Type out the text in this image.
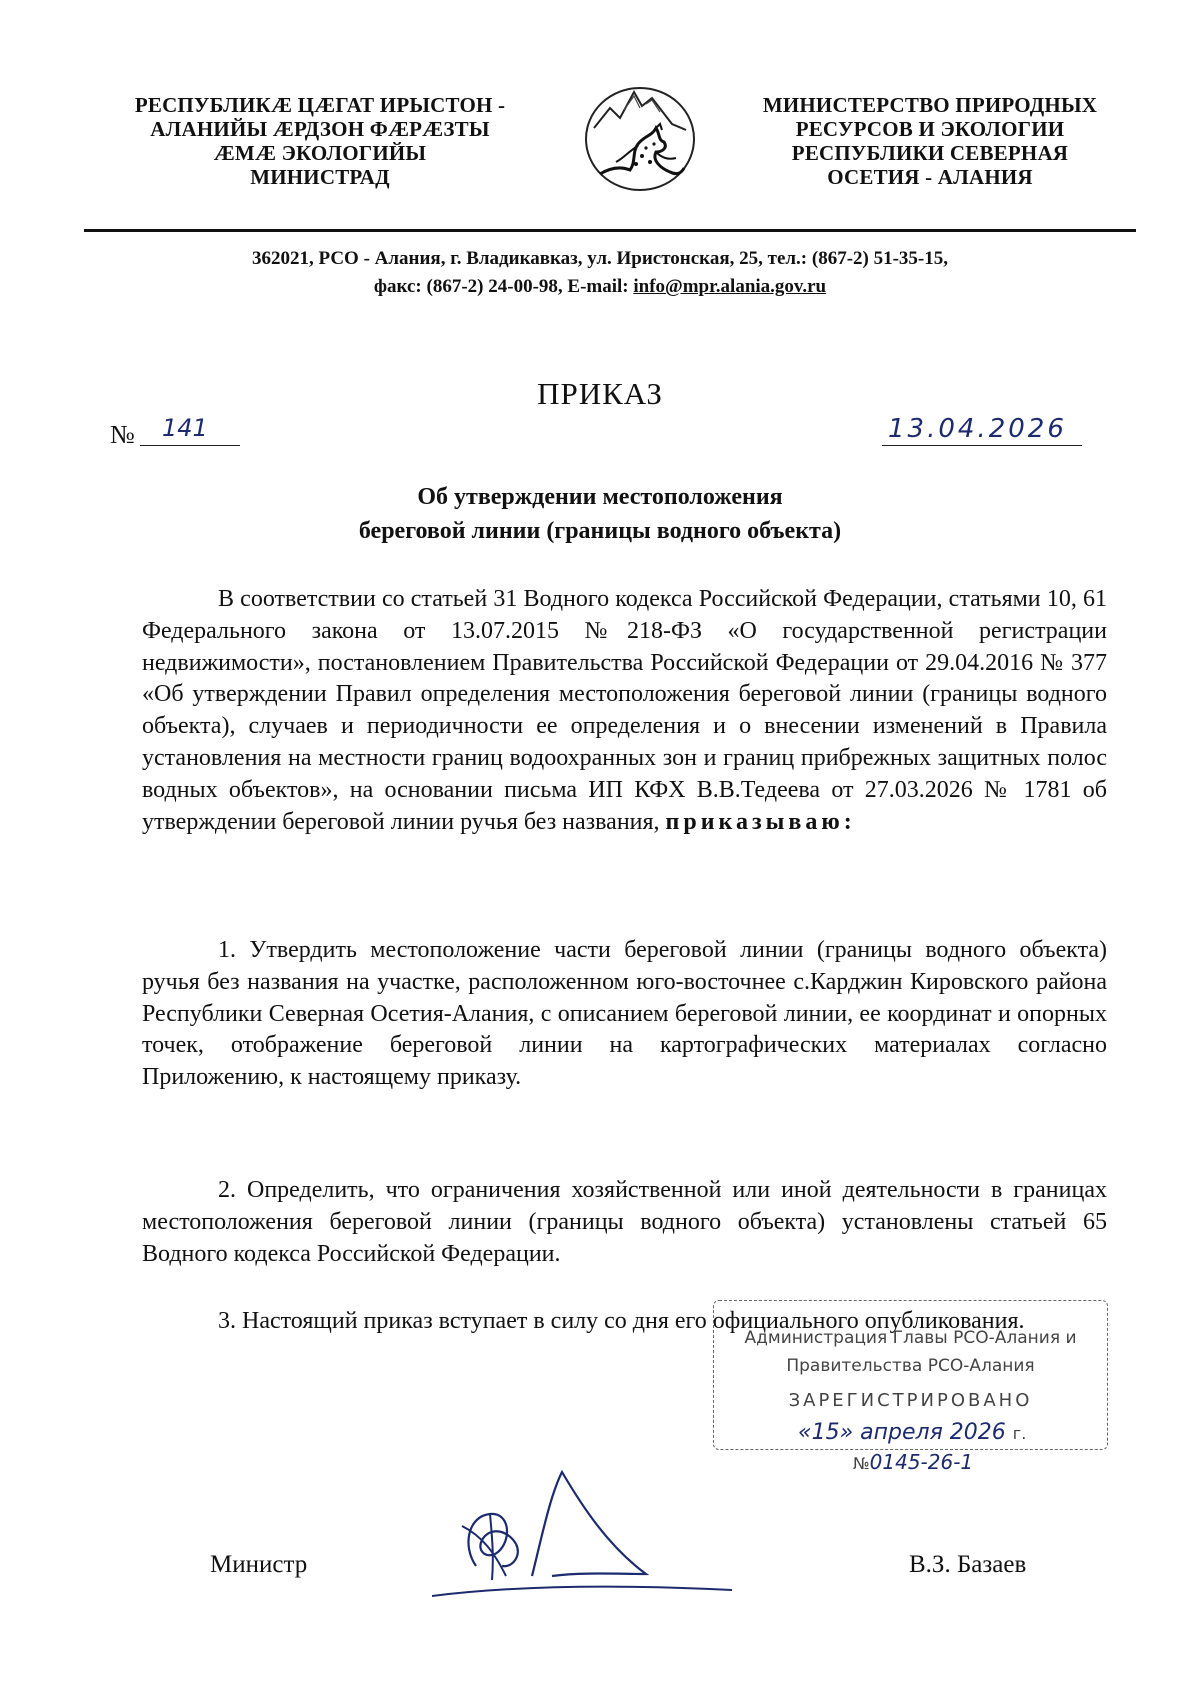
РЕСПУБЛИКӔ ЦӔГАТ ИРЫСТОН -
АЛАНИЙЫ ӔРДЗОН ФӔРӔЗТЫ
ӔМӔ ЭКОЛОГИЙЫ
МИНИСТРАД
МИНИСТЕРСТВО ПРИРОДНЫХ
РЕСУРСОВ И ЭКОЛОГИИ
РЕСПУБЛИКИ СЕВЕРНАЯ
ОСЕТИЯ - АЛАНИЯ
362021, РСО - Алания, г. Владикавказ, ул. Иристонская, 25, тел.: (867-2) 51-35-15,
факс: (867-2) 24-00-98, E-mail: info@mpr.alania.gov.ru
ПРИКАЗ
№ 141	13.04.2026
Об утверждении местоположения
береговой линии (границы водного объекта)
В соответствии со статьей 31 Водного кодекса Российской Федерации, статьями 10, 61 Федерального закона от 13.07.2015 №218-ФЗ «О государственной регистрации недвижимости», постановлением Правительства Российской Федерации от 29.04.2016 № 377 «Об утверждении Правил определения местоположения береговой линии (границы водного объекта), случаев и периодичности ее определения и о внесении изменений в Правила установления на местности границ водоохранных зон и границ прибрежных защитных полос водных объектов», на основании письма ИП КФХ В.В.Тедеева от 27.03.2026 № 1781 об утверждении береговой линии ручья без названия, приказываю:
1. Утвердить местоположение части береговой линии (границы водного объекта) ручья без названия на участке, расположенном юго-восточнее с.Карджин Кировского района Республики Северная Осетия-Алания, с описанием береговой линии, ее координат и опорных точек, отображение береговой линии на картографических материалах согласно Приложению, к настоящему приказу.
2. Определить, что ограничения хозяйственной или иной деятельности в границах местоположения береговой линии (границы водного объекта) установлены статьей 65 Водного кодекса Российской Федерации.
3. Настоящий приказ вступает в силу со дня его официального опубликования.
Администрация Главы РСО-Алания и
Правительства РСО-Алания
ЗАРЕГИСТРИРОВАНО
«15» апреля 2026 г.
№0145-26-1
Министр	В.З. Базаев
